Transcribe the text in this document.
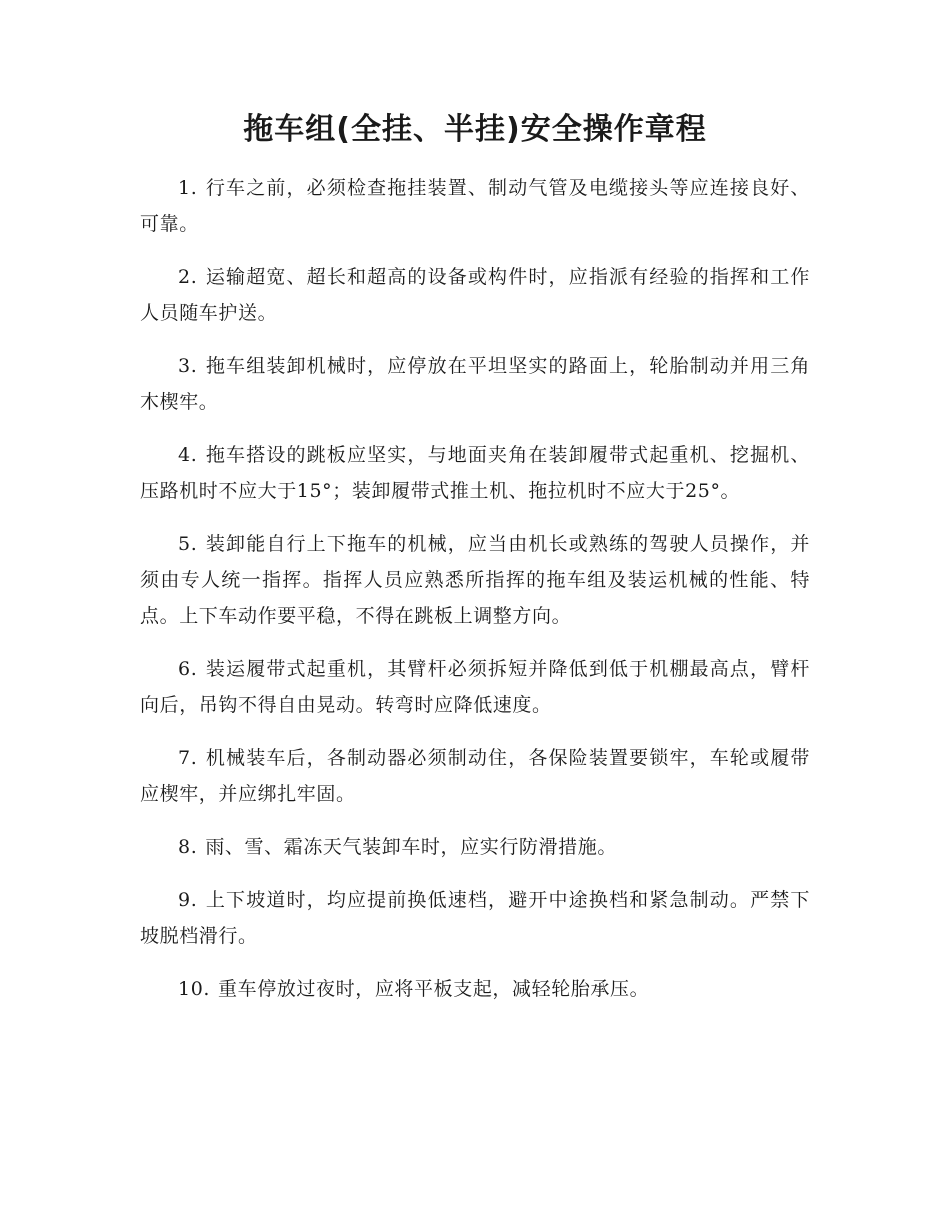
拖车组(全挂、半挂)安全操作章程

1. 行车之前，必须检查拖挂装置、制动气管及电缆接头等应连接良好、可靠。

2. 运输超宽、超长和超高的设备或构件时，应指派有经验的指挥和工作人员随车护送。

3. 拖车组装卸机械时，应停放在平坦坚实的路面上，轮胎制动并用三角木楔牢。

4. 拖车搭设的跳板应坚实，与地面夹角在装卸履带式起重机、挖掘机、压路机时不应大于15°；装卸履带式推土机、拖拉机时不应大于25°。

5. 装卸能自行上下拖车的机械，应当由机长或熟练的驾驶人员操作，并须由专人统一指挥。指挥人员应熟悉所指挥的拖车组及装运机械的性能、特点。上下车动作要平稳，不得在跳板上调整方向。

6. 装运履带式起重机，其臂杆必须拆短并降低到低于机棚最高点，臂杆向后，吊钩不得自由晃动。转弯时应降低速度。

7. 机械装车后，各制动器必须制动住，各保险装置要锁牢，车轮或履带应楔牢，并应绑扎牢固。

8. 雨、雪、霜冻天气装卸车时，应实行防滑措施。

9. 上下坡道时，均应提前换低速档，避开中途换档和紧急制动。严禁下坡脱档滑行。

10. 重车停放过夜时，应将平板支起，减轻轮胎承压。
